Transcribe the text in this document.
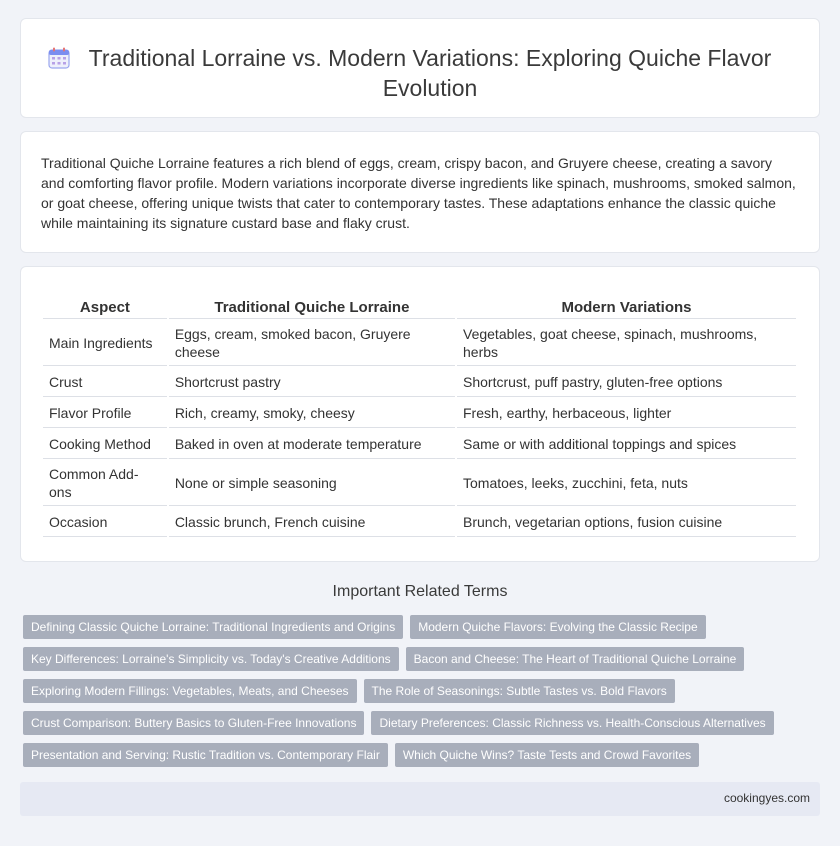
Traditional Lorraine vs. Modern Variations: Exploring Quiche Flavor Evolution

Traditional Quiche Lorraine features a rich blend of eggs, cream, crispy bacon, and Gruyere cheese, creating a savory and comforting flavor profile. Modern variations incorporate diverse ingredients like spinach, mushrooms, smoked salmon, or goat cheese, offering unique twists that cater to contemporary tastes. These adaptations enhance the classic quiche while maintaining its signature custard base and flaky crust.

Aspect	Traditional Quiche Lorraine	Modern Variations
Main Ingredients	Eggs, cream, smoked bacon, Gruyere cheese	Vegetables, goat cheese, spinach, mushrooms, herbs
Crust	Shortcrust pastry	Shortcrust, puff pastry, gluten-free options
Flavor Profile	Rich, creamy, smoky, cheesy	Fresh, earthy, herbaceous, lighter
Cooking Method	Baked in oven at moderate temperature	Same or with additional toppings and spices
Common Add-ons	None or simple seasoning	Tomatoes, leeks, zucchini, feta, nuts
Occasion	Classic brunch, French cuisine	Brunch, vegetarian options, fusion cuisine
Important Related Terms
Defining Classic Quiche Lorraine: Traditional Ingredients and Origins	Modern Quiche Flavors: Evolving the Classic Recipe
Key Differences: Lorraine's Simplicity vs. Today's Creative Additions	Bacon and Cheese: The Heart of Traditional Quiche Lorraine
Exploring Modern Fillings: Vegetables, Meats, and Cheeses	The Role of Seasonings: Subtle Tastes vs. Bold Flavors
Crust Comparison: Buttery Basics to Gluten-Free Innovations	Dietary Preferences: Classic Richness vs. Health-Conscious Alternatives
Presentation and Serving: Rustic Tradition vs. Contemporary Flair	Which Quiche Wins? Taste Tests and Crowd Favorites
cookingyes.com
